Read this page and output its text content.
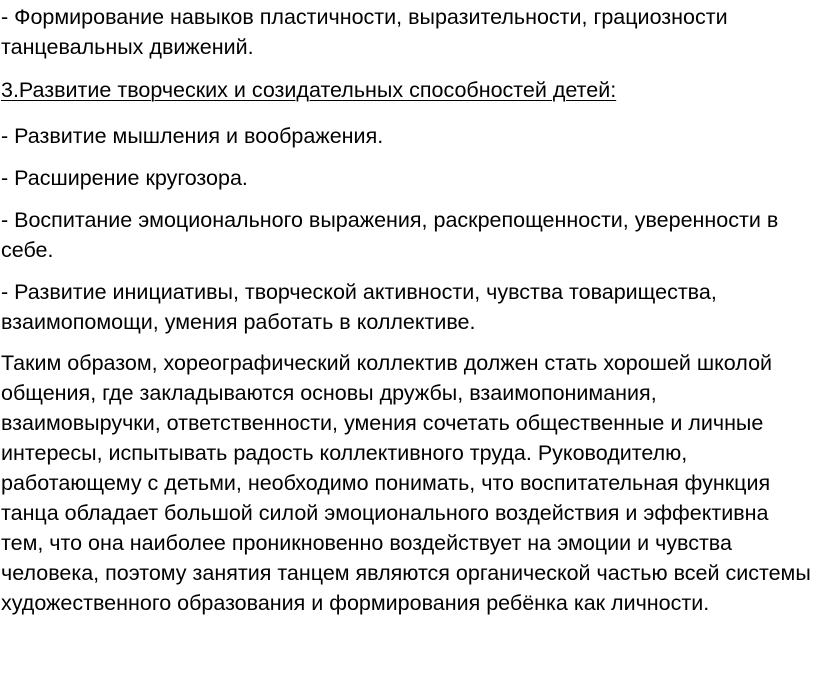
- Формирование навыков пластичности, выразительности, грациозности танцевальных движений.

3.Развитие творческих и созидательных способностей детей:

- Развитие мышления и воображения.

- Расширение кругозора.

- Воспитание эмоционального выражения, раскрепощенности, уверенности в себе.

- Развитие инициативы, творческой активности, чувства товарищества, взаимопомощи, умения работать в коллективе.

Таким образом, хореографический коллектив должен стать хорошей школой общения, где закладываются основы дружбы, взаимопонимания, взаимовыручки, ответственности, умения сочетать общественные и личные интересы, испытывать радость коллективного труда. Руководителю, работающему с детьми, необходимо понимать, что воспитательная функция танца обладает большой силой эмоционального воздействия и эффективна тем, что она наиболее проникновенно воздействует на эмоции и чувства человека, поэтому занятия танцем являются органической частью всей системы художественного образования и формирования ребёнка как личности.
